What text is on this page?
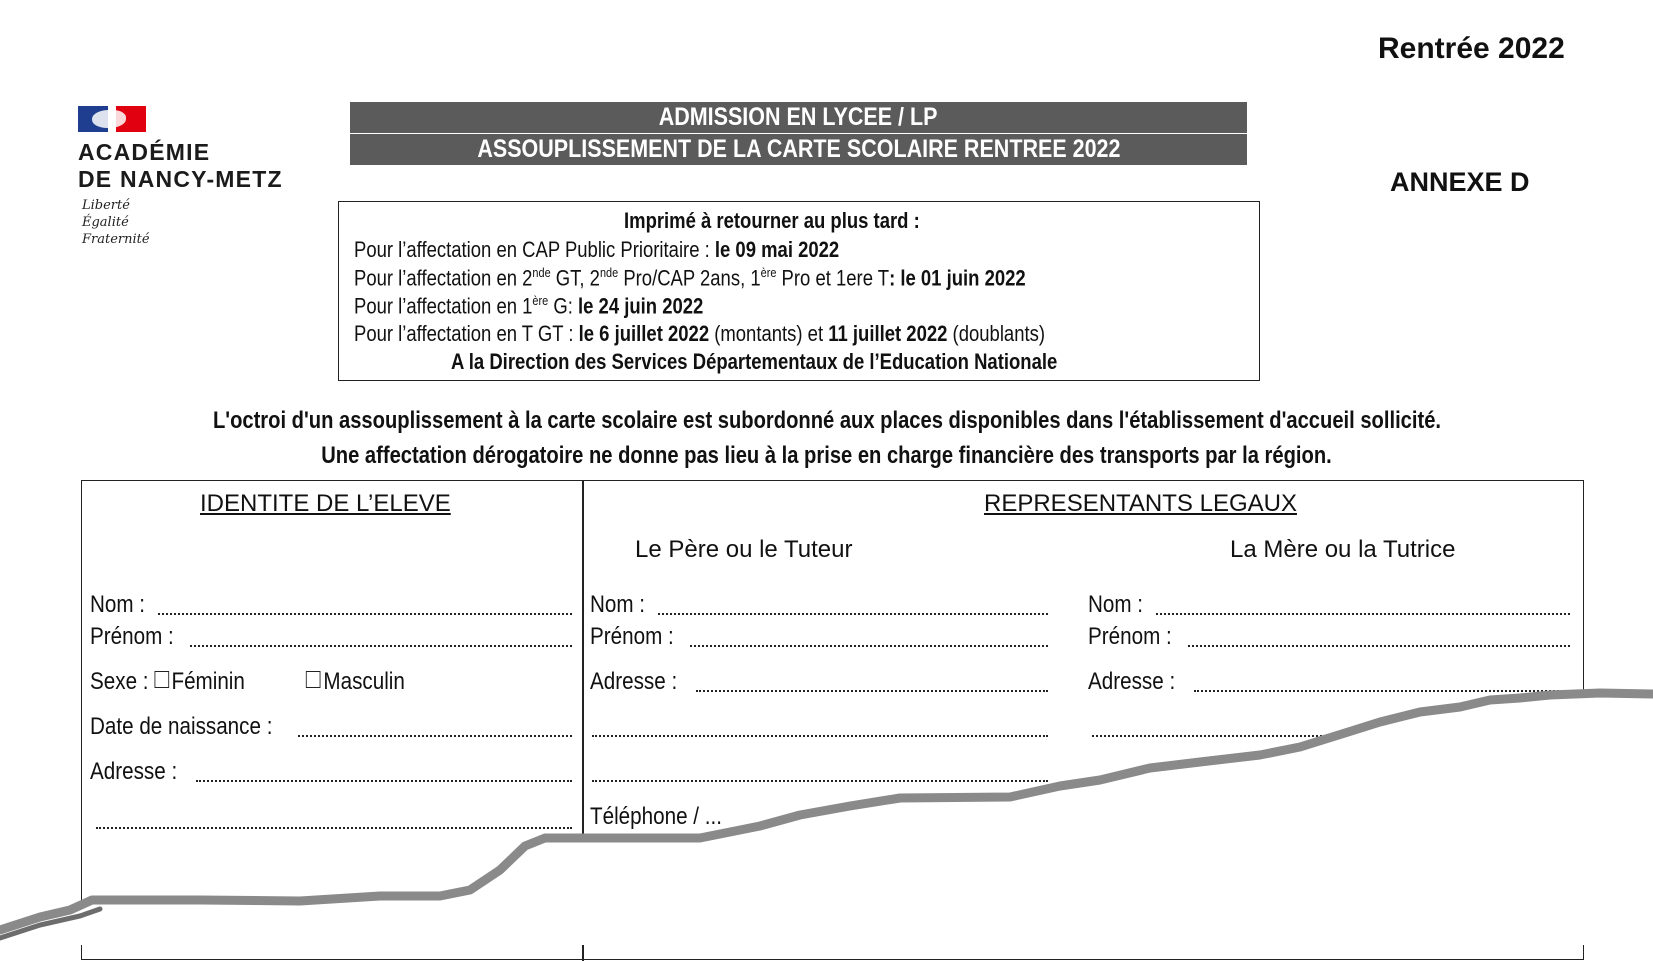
Rentrée 2022
ANNEXE D
ACADÉMIE
DE NANCY-METZ
Liberté
Égalité
Fraternité
ADMISSION EN LYCEE / LP
ASSOUPLISSEMENT DE LA CARTE SCOLAIRE RENTREE 2022
Imprimé à retourner au plus tard :
Pour l’affectation en CAP Public Prioritaire : le 09 mai 2022
Pour l’affectation en 2nde GT, 2nde Pro/CAP 2ans, 1ère Pro et 1ere T: le 01 juin 2022
Pour l’affectation en 1ère G: le 24 juin 2022
Pour l’affectation en T GT : le 6 juillet 2022 (montants) et 11 juillet 2022 (doublants)
A la Direction des Services Départementaux de l’Education Nationale
L'octroi d'un assouplissement à la carte scolaire est subordonné aux places disponibles dans l'établissement d'accueil sollicité.
Une affectation dérogatoire ne donne pas lieu à la prise en charge financière des transports par la région.
IDENTITE DE L’ELEVE
Nom :
Prénom :
Sexe : Féminin	Masculin
Date de naissance :
Adresse :
REPRESENTANTS LEGAUX
Le Père ou le Tuteur	La Mère ou la Tutrice
Nom :
Prénom :
Adresse :
Téléphone / ...
Nom :
Prénom :
Adresse :
